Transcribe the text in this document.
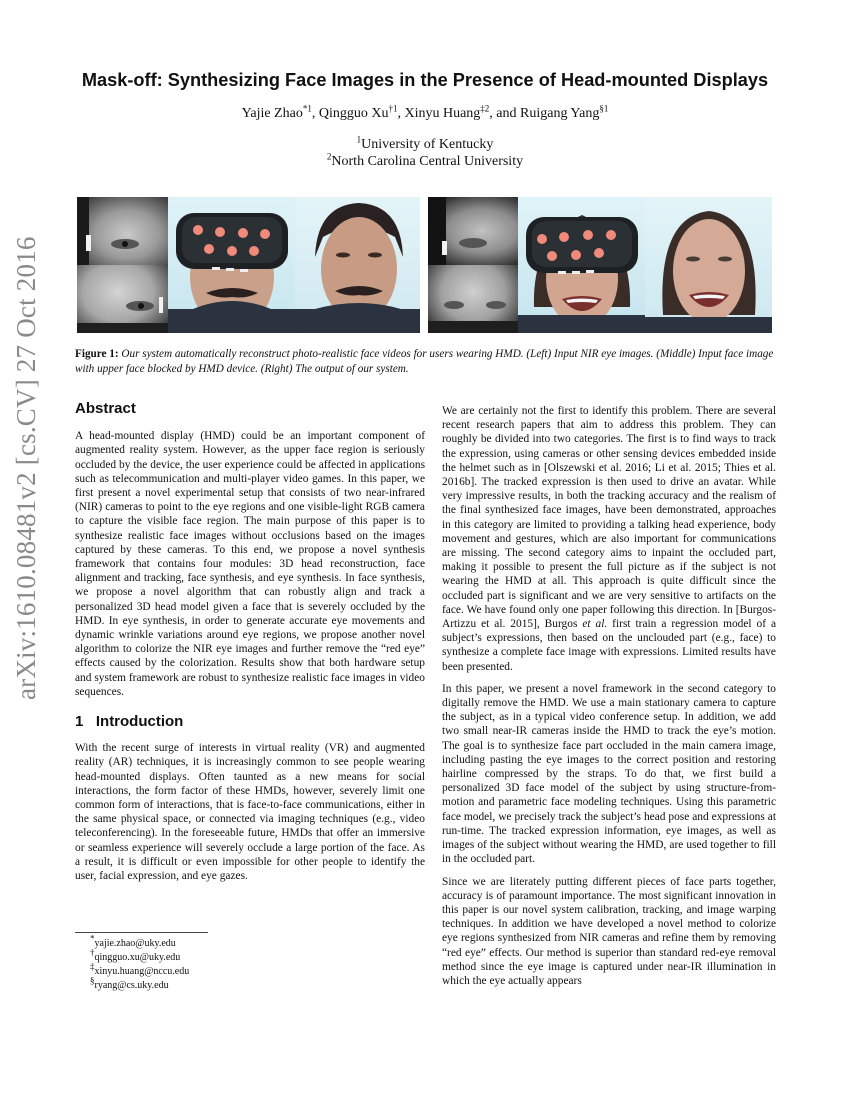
arXiv:1610.08481v2 [cs.CV] 27 Oct 2016
Mask-off: Synthesizing Face Images in the Presence of Head-mounted Displays
Yajie Zhao$^{*1}$, Qingguo Xu$^{\dagger 1}$, Xinyu Huang$^{\ddagger 2}$, and Ruigang Yang$^{\S 1}$
$^1$University of Kentucky
$^2$North Carolina Central University
Figure 1: Our system automatically reconstruct photo-realistic face videos for users wearing HMD. (Left) Input NIR eye images. (Middle) Input face image with upper face blocked by HMD device. (Right) The output of our system.
Abstract

A head-mounted display (HMD) could be an important component of augmented reality system. However, as the upper face region is seriously occluded by the device, the user experience could be affected in applications such as telecommunication and multi-player video games. In this paper, we first present a novel experimental setup that consists of two near-infrared (NIR) cameras to point to the eye regions and one visible-light RGB camera to capture the visible face region. The main purpose of this paper is to synthesize realistic face images without occlusions based on the images captured by these cameras. To this end, we propose a novel synthesis framework that contains four modules: 3D head reconstruction, face alignment and tracking, face synthesis, and eye synthesis. In face synthesis, we propose a novel algorithm that can robustly align and track a personalized 3D head model given a face that is severely occluded by the HMD. In eye synthesis, in order to generate accurate eye movements and dynamic wrinkle variations around eye regions, we propose another novel algorithm to colorize the NIR eye images and further remove the “red eye” effects caused by the colorization. Results show that both hardware setup and system framework are robust to synthesize realistic face images in video sequences.

1 Introduction

With the recent surge of interests in virtual reality (VR) and augmented reality (AR) techniques, it is increasingly common to see people wearing head-mounted displays. Often taunted as a new means for social interactions, the form factor of these HMDs, however, severely limit one common form of interactions, that is face-to-face communications, either in the same physical space, or connected via imaging techniques (e.g., video teleconferencing). In the foreseeable future, HMDs that offer an immersive or seamless experience will severely occlude a large portion of the face. As a result, it is difficult or even impossible for other people to identify the user, facial expression, and eye gazes.

*yajie.zhao@uky.edu
†qingguo.xu@uky.edu
‡xinyu.huang@nccu.edu
§ryang@cs.uky.edu

We are certainly not the first to identify this problem. There are several recent research papers that aim to address this problem. They can roughly be divided into two categories. The first is to find ways to track the expression, using cameras or other sensing devices embedded inside the helmet such as in [Olszewski et al. 2016; Li et al. 2015; Thies et al. 2016b]. The tracked expression is then used to drive an avatar. While very impressive results, in both the tracking accuracy and the realism of the final synthesized face images, have been demonstrated, approaches in this category are limited to providing a talking head experience, body movement and gestures, which are also important for communications are missing. The second category aims to inpaint the occluded part, making it possible to present the full picture as if the subject is not wearing the HMD at all. This approach is quite difficult since the occluded part is significant and we are very sensitive to artifacts on the face. We have found only one paper following this direction. In [Burgos-Artizzu et al. 2015], Burgos et al. first train a regression model of a subject’s expressions, then based on the unclouded part (e.g., face) to synthesize a complete face image with expressions. Limited results have been presented.

In this paper, we present a novel framework in the second category to digitally remove the HMD. We use a main stationary camera to capture the subject, as in a typical video conference setup. In addition, we add two small near-IR cameras inside the HMD to track the eye’s motion. The goal is to synthesize face part occluded in the main camera image, including pasting the eye images to the correct position and restoring hairline compressed by the straps. To do that, we first build a personalized 3D face model of the subject by using structure-from-motion and parametric face modeling techniques. Using this parametric face model, we precisely track the subject’s head pose and expressions at run-time. The tracked expression information, eye images, as well as images of the subject without wearing the HMD, are used together to fill in the occluded part.

Since we are literately putting different pieces of face parts together, accuracy is of paramount importance. The most significant innovation in this paper is our novel system calibration, tracking, and image warping techniques. In addition we have developed a novel method to colorize eye regions synthesized from NIR cameras and refine them by removing “red eye” effects. Our method is superior than standard red-eye removal method since the eye image is captured under near-IR illumination in which the eye actually appears
